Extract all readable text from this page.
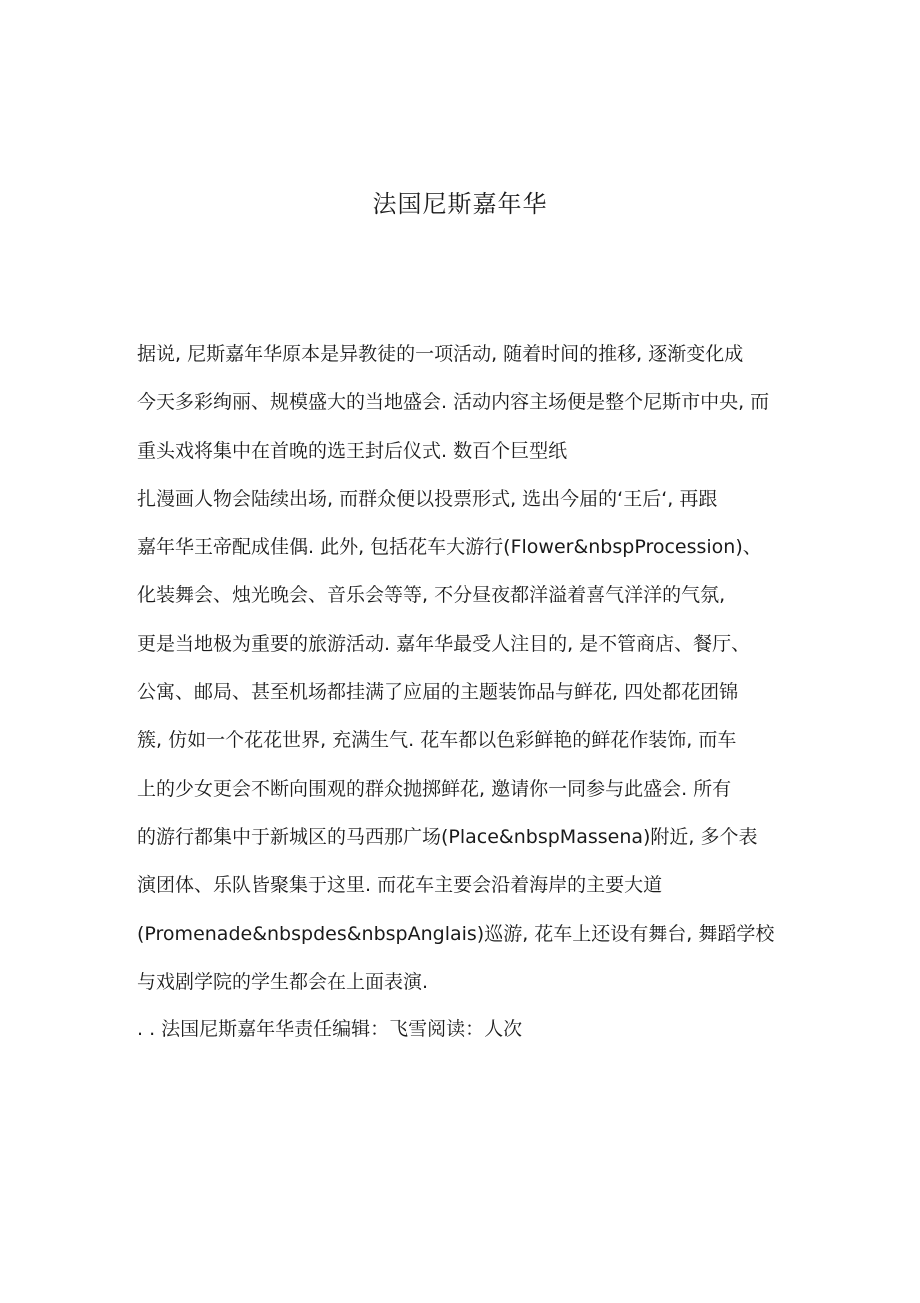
法国尼斯嘉年华
据说, 尼斯嘉年华原本是异教徒的一项活动, 随着时间的推移, 逐渐变化成
今天多彩绚丽、规模盛大的当地盛会. 活动内容主场便是整个尼斯市中央, 而
重头戏将集中在首晚的选王封后仪式. 数百个巨型纸
扎漫画人物会陆续出场, 而群众便以投票形式, 选出今届的‘王后‘, 再跟
嘉年华王帝配成佳偶. 此外, 包括花车大游行(Flower&nbspProcession)、
化装舞会、烛光晚会、音乐会等等, 不分昼夜都洋溢着喜气洋洋的气氛,
更是当地极为重要的旅游活动. 嘉年华最受人注目的, 是不管商店、餐厅、
公寓、邮局、甚至机场都挂满了应届的主题装饰品与鲜花, 四处都花团锦
簇, 仿如一个花花世界, 充满生气. 花车都以色彩鲜艳的鲜花作装饰, 而车
上的少女更会不断向围观的群众抛掷鲜花, 邀请你一同参与此盛会. 所有
的游行都集中于新城区的马西那广场(Place&nbspMassena)附近, 多个表
演团体、乐队皆聚集于这里. 而花车主要会沿着海岸的主要大道
(Promenade&nbspdes&nbspAnglais)巡游, 花车上还设有舞台, 舞蹈学校
与戏剧学院的学生都会在上面表演.
. . 法国尼斯嘉年华责任编辑：飞雪阅读：人次
